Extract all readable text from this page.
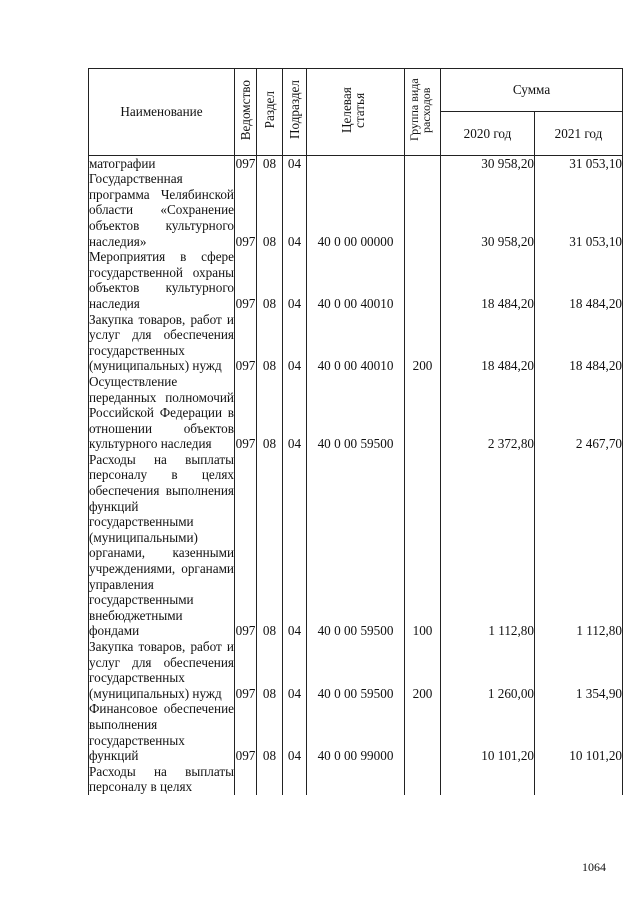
Наименование	Ведомство	Раздел	Подраздел	Целевая статья	Группа вида расходов	Сумма	
						2020 год	2021 год
матографии	097	08	04			30 958,20	31 053,10
Государственная программа Челябинской области «Сохранение объектов культурного наследия»	097	08	04	40 0 00 00000		30 958,20	31 053,10
Мероприятия в сфере государственной охраны объектов культурного наследия	097	08	04	40 0 00 40010		18 484,20	18 484,20
Закупка товаров, работ и услуг для обеспечения государственных (муниципальных) нужд	097	08	04	40 0 00 40010	200	18 484,20	18 484,20
Осуществление переданных полномочий Российской Федерации в отношении объектов культурного наследия	097	08	04	40 0 00 59500		2 372,80	2 467,70
Расходы на выплаты персоналу в целях обеспечения выполнения функций государственными (муниципальными) органами, казенными учреждениями, органами управления государственными внебюджетными фондами	097	08	04	40 0 00 59500	100	1 112,80	1 112,80
Закупка товаров, работ и услуг для обеспечения государственных (муниципальных) нужд	097	08	04	40 0 00 59500	200	1 260,00	1 354,90
Финансовое обеспечение выполнения государственных функций	097	08	04	40 0 00 99000		10 101,20	10 101,20
Расходы на выплаты персоналу в целях							
1064
